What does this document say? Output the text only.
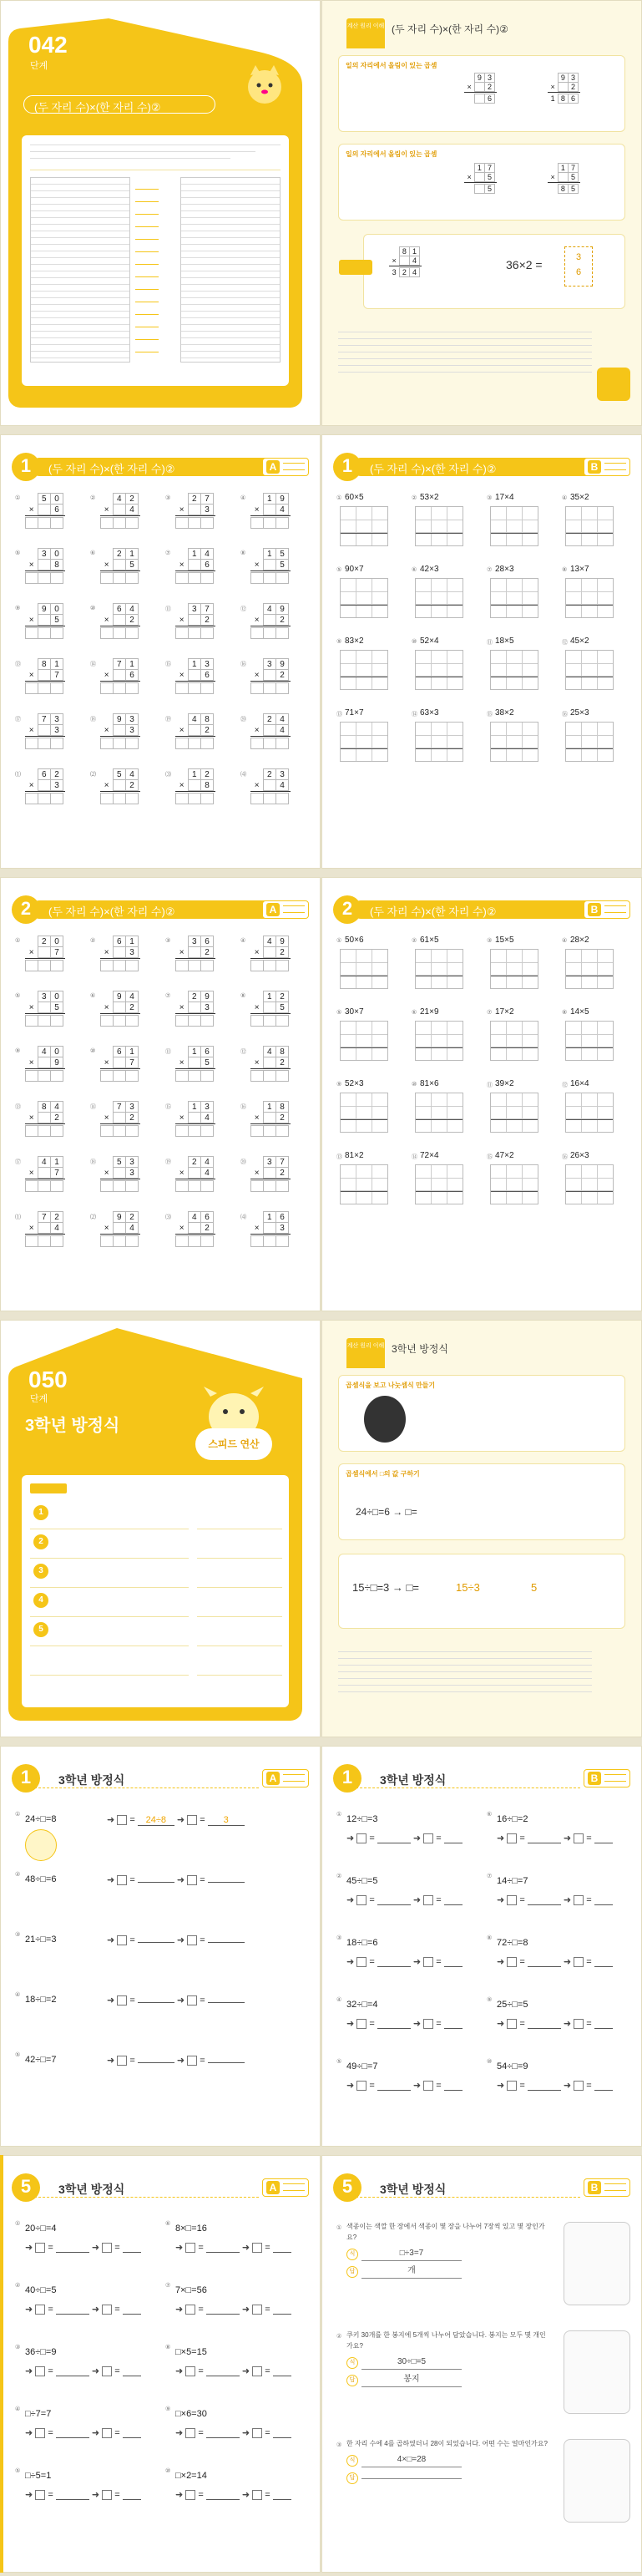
042
단계
(두 자리 수)×(한 자리 수)②
계산 원리 이해 (두 자리 수)×(한 자리 수)②
일의 자리에서 올림이 있는 곱셈
9 3
×	2
6
9 3
×	2
1 8 6
일의 자리에서 올림이 있는 곱셈
1 7
×	5
5
1 7
×	5
8 5
8 1
×	4
3 2 4
36×2 =
3
6
(두 자리 수)×(한 자리 수)②
1	A
①	5 0
×	6
②	4 2
×	4
③	2 7
×	3
④	1 9
×	4
⑤	3 0
×	8
⑥	2 1
×	5
⑦	1 4
×	6
⑧	1 5
×	5
⑨	9 0
×	5
⑩	6 4
×	2
⑪	3 7
×	2
⑫	4 9
×	2
⑬	8 1
×	7
⑭	7 1
×	6
⑮	1 3
×	6
⑯	3 9
×	2
⑰	7 3
×	3
⑱	9 3
×	3
⑲	4 8
×	2
⑳	2 4
×	4
⑴	6 2
×	3
⑵	5 4
×	2
⑶	1 2
×	8
⑷	2 3
×	4
(두 자리 수)×(한 자리 수)②
1	B
① 60×5	② 53×2	③ 17×4	④ 35×2
⑤ 90×7	⑥ 42×3	⑦ 28×3	⑧ 13×7
⑨ 83×2	⑩ 52×4	⑪ 18×5	⑫ 45×2
⑬ 71×7	⑭ 63×3	⑮ 38×2	⑯ 25×3
(두 자리 수)×(한 자리 수)②
2	A
①	2 0
×	7
②	6 1
×	3
③	3 6
×	2
④	4 9
×	2
⑤	3 0
×	5
⑥	9 4
×	2
⑦	2 9
×	3
⑧	1 2
×	5
⑨	4 0
×	9
⑩	6 1
×	7
⑪	1 6
×	5
⑫	4 8
×	2
⑬	8 4
×	2
⑭	7 3
×	2
⑮	1 3
×	4
⑯	1 8
×	2
⑰	4 1
×	7
⑱	5 3
×	3
⑲	2 4
×	4
⑳	3 7
×	2
⑴	7 2
×	4
⑵	9 2
×	4
⑶	4 6
×	2
⑷	1 6
×	3
(두 자리 수)×(한 자리 수)②
2	B
① 50×6	② 61×5	③ 15×5	④ 28×2
⑤ 30×7	⑥ 21×9	⑦ 17×2	⑧ 14×5
⑨ 52×3	⑩ 81×6	⑪ 39×2	⑫ 16×4
⑬ 81×2	⑭ 72×4	⑮ 47×2	⑯ 26×3
050
단계
3학년 방정식
스피드 연산
1
2
3
4
5
계산 원리 이해 3학년 방정식
곱셈식을 보고 나눗셈식 만들기
곱셈식에서 □의 값 구하기
24÷□=6 → □=
15÷□=3 → □=	15÷3	5
3학년 방정식
1	A
① 24÷□=8	➜  = 24÷8 ➜  = 3
② 48÷□=6	➜  =	➜  =
③ 21÷□=3	➜  =	➜  =
④ 18÷□=2	➜  =	➜  =
⑤ 42÷□=7	➜  =	➜  =
3학년 방정식
1	B
① 12÷□=3
➜  =	➜  =
⑥ 16÷□=2
➜  =	➜  =
② 45÷□=5
➜  =	➜  =
⑦ 14÷□=7
➜  =	➜  =
③ 18÷□=6
➜  =	➜  =
⑧ 72÷□=8
➜  =	➜  =
④ 32÷□=4
➜  =	➜  =
⑨ 25÷□=5
➜  =	➜  =
⑤ 49÷□=7
➜  =	➜  =
⑩ 54÷□=9
➜  =	➜  =
3학년 방정식
5	A
① 20÷□=4
➜  =	➜  =
⑥ 8×□=16
➜  =	➜  =
② 40÷□=5
➜  =	➜  =
⑦ 7×□=56
➜  =	➜  =
③ 36÷□=9
➜  =	➜  =
⑧ □×5=15
➜  =	➜  =
④ □÷7=7
➜  =	➜  =
⑨ □×6=30
➜  =	➜  =
⑤ □÷5=1
➜  =	➜  =
⑩ □×2=14
➜  =	➜  =
3학년 방정식
5	B
① 색종이는 색깔 한 장에서 색종이 몇 장을 나누어 7장씩 있고 몇 장인가요?
식	□÷3=7
답	개
② 쿠키 30개를 한 봉지에 5개씩 나누어 담았습니다. 봉지는 모두 몇 개인가요?
식	30÷□=5
답	봉지
③ 한 자리 수에 4를 곱하였더니 28이 되었습니다. 어떤 수는 얼마인가요?
식	4×□=28
답
